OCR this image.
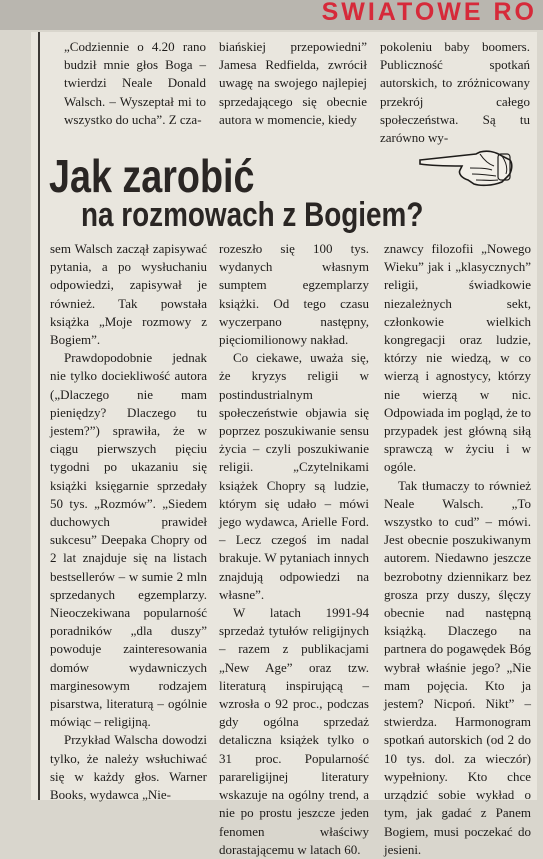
SWIATOWE RO

„Codziennie o 4.20 rano budził mnie głos Boga – twierdzi Neale Donald Walsch. – Wyszeptał mi to wszystko do ucha”. Z cza-

biańskiej przepowiedni” Jamesa Redfielda, zwrócił uwagę na swojego najlepiej sprzedającego się obecnie autora w momencie, kiedy

pokoleniu baby boomers. Publiczność spotkań autorskich, to zróżnicowany przekrój całego społeczeństwa. Są tu zarówno wy-

Jak zarobić
na rozmowach z Bogiem?

sem Walsch zaczął zapisywać pytania, a po wysłuchaniu odpowiedzi, zapisywał je również. Tak powstała książka „Moje rozmowy z Bogiem”.

Prawdopodobnie jednak nie tylko dociekliwość autora („Dlaczego nie mam pieniędzy? Dlaczego tu jestem?”) sprawiła, że w ciągu pierwszych pięciu tygodni po ukazaniu się książki księgarnie sprzedały 50 tys. „Rozmów”. „Siedem duchowych prawideł sukcesu” Deepaka Chopry od 2 lat znajduje się na listach bestsellerów – w sumie 2 mln sprzedanych egzemplarzy. Nieoczekiwana popularność poradników „dla duszy” powoduje zainteresowania domów wydawniczych marginesowym rodzajem pisarstwa, literaturą – ogólnie mówiąc – religijną.

Przykład Walscha dowodzi tylko, że należy wsłuchiwać się w każdy głos. Warner Books, wydawca „Nie-

rozeszło się 100 tys. wydanych własnym sumptem egzemplarzy książki. Od tego czasu wyczerpano następny, pięciomilionowy nakład.

Co ciekawe, uważa się, że kryzys religii w postindustrialnym społeczeństwie objawia się poprzez poszukiwanie sensu życia – czyli poszukiwanie religii. „Czytelnikami książek Chopry są ludzie, którym się udało – mówi jego wydawca, Arielle Ford. – Lecz czegoś im nadal brakuje. W pytaniach innych znajdują odpowiedzi na własne”.

W latach 1991-94 sprzedaż tytułów religijnych – razem z publikacjami „New Age” oraz tzw. literaturą inspirującą – wzrosła o 92 proc., podczas gdy ogólna sprzedaż detaliczna książek tylko o 31 proc. Popularność parareligijnej literatury wskazuje na ogólny trend, a nie po prostu jeszcze jeden fenomen właściwy dorastającemu w latach 60.

znawcy filozofii „Nowego Wieku” jak i „klasycznych” religii, świadkowie niezależnych sekt, członkowie wielkich kongregacji oraz ludzie, którzy nie wiedzą, w co wierzą i agnostycy, którzy nie wierzą w nic. Odpowiada im pogląd, że to przypadek jest główną siłą sprawczą w życiu i w ogóle.

Tak tłumaczy to również Neale Walsch. „To wszystko to cud” – mówi. Jest obecnie poszukiwanym autorem. Niedawno jeszcze bezrobotny dziennikarz bez grosza przy duszy, ślęczy obecnie nad następną książką. Dlaczego na partnera do pogawędek Bóg wybrał właśnie jego? „Nie mam pojęcia. Kto ja jestem? Nicpoń. Nikt” – stwierdza. Harmonogram spotkań autorskich (od 2 do 10 tys. dol. za wieczór) wypełniony. Kto chce urządzić sobie wykład o tym, jak gadać z Panem Bogiem, musi poczekać do jesieni.
